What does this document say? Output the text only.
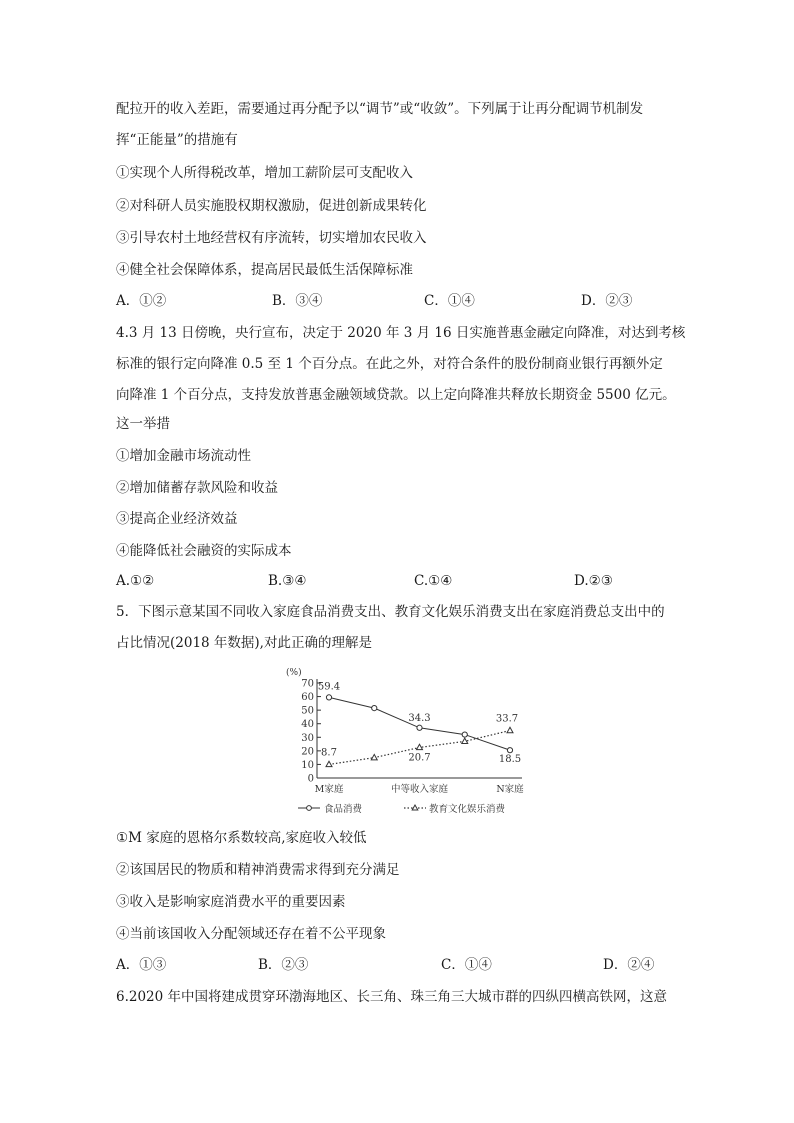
配拉开的收入差距，需要通过再分配予以“调节”或“收敛”。下列属于让再分配调节机制发
挥“正能量”的措施有
①实现个人所得税改革，增加工薪阶层可支配收入
②对科研人员实施股权期权激励，促进创新成果转化
③引导农村土地经营权有序流转，切实增加农民收入
④健全社会保障体系，提高居民最低生活保障标准
A．①②	B．③④	C．①④	D．②③
4.3 月 13 日傍晚，央行宣布，决定于 2020 年 3 月 16 日实施普惠金融定向降准，对达到考核
标准的银行定向降准 0.5 至 1 个百分点。在此之外，对符合条件的股份制商业银行再额外定
向降准 1 个百分点，支持发放普惠金融领域贷款。以上定向降准共释放长期资金 5500 亿元。
这一举措
①增加金融市场流动性
②增加储蓄存款风险和收益
③提高企业经济效益
④能降低社会融资的实际成本
A.①②	B.③④	C.①④	D.②③
5．下图示意某国不同收入家庭食品消费支出、教育文化娱乐消费支出在家庭消费总支出中的
占比情况(2018 年数据),对此正确的理解是
(%)
0
10
20
30
40
50
60
70
M家庭	中等收入家庭	N家庭
59.4
34.3
18.5
8.7	20.7
33.7
食品消费	教育文化娱乐消费
①M 家庭的恩格尔系数较高,家庭收入较低
②该国居民的物质和精神消费需求得到充分满足
③收入是影响家庭消费水平的重要因素
④当前该国收入分配领域还存在着不公平现象
A．①③	B．②③	C．①④	D．②④
6.2020 年中国将建成贯穿环渤海地区、长三角、珠三角三大城市群的四纵四横高铁网，这意
